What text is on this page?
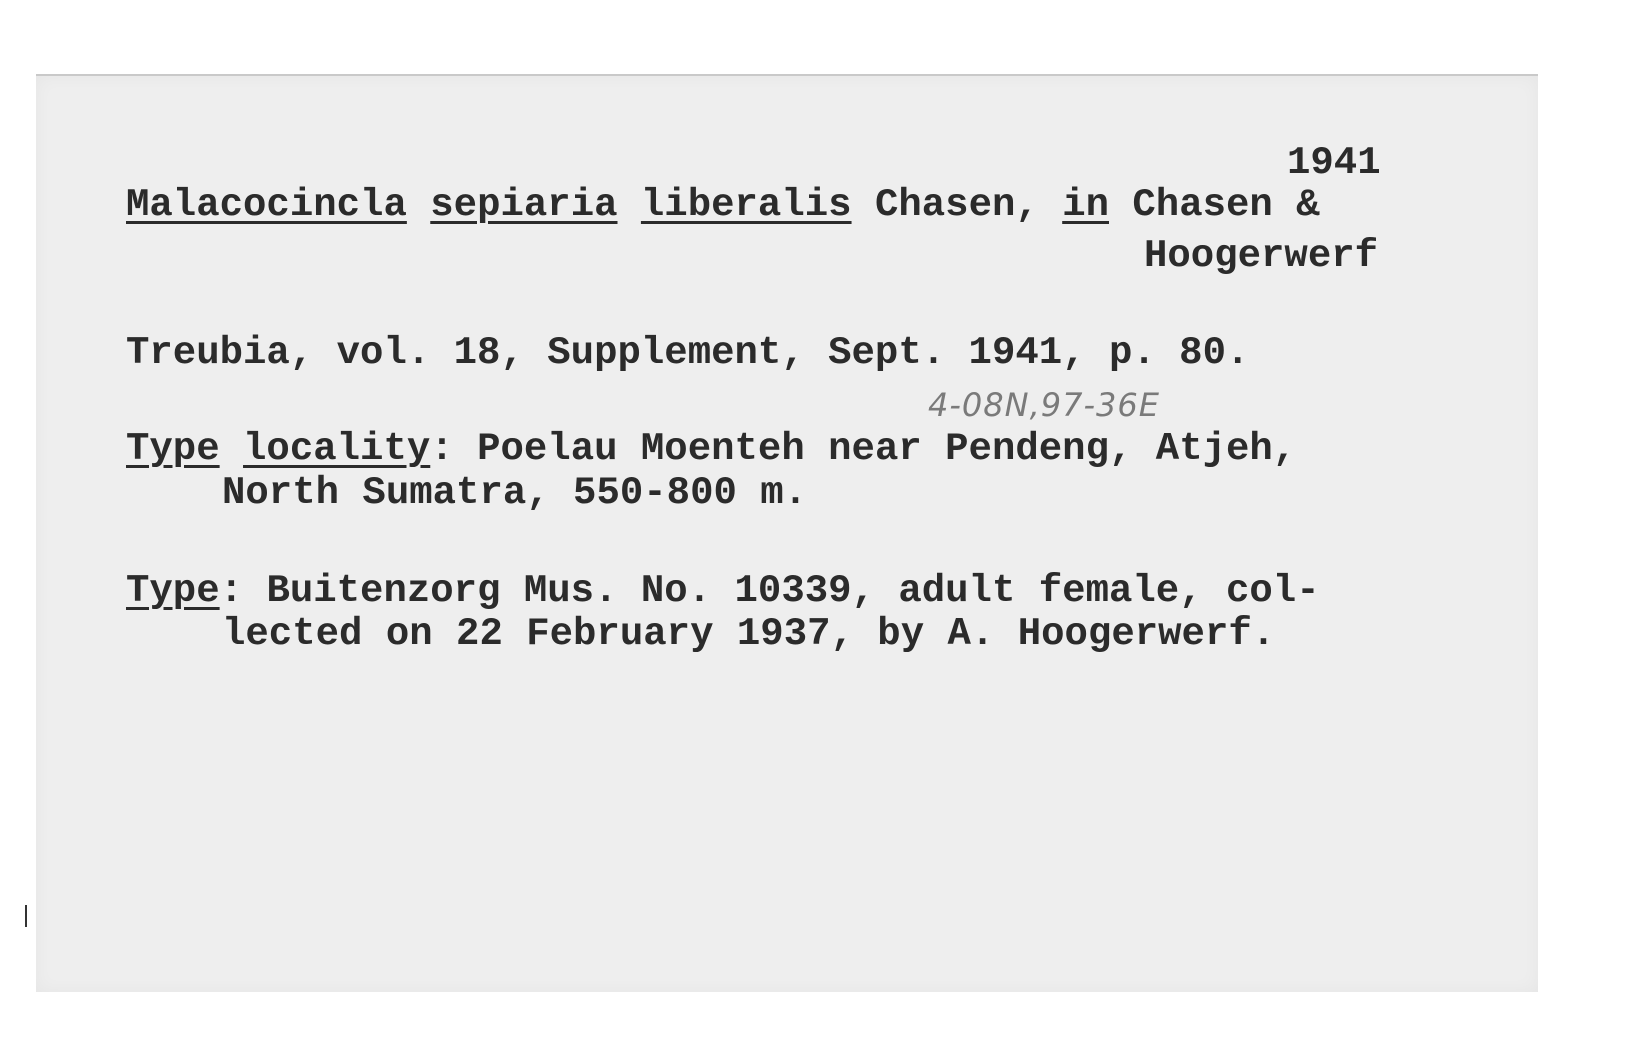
1941
Malacocincla sepiaria liberalis Chasen, in Chasen &
Hoogerwerf
Treubia, vol. 18, Supplement, Sept. 1941, p. 80.
4-08N,97-36E
Type locality: Poelau Moenteh near Pendeng, Atjeh,
North Sumatra, 550-800 m.
Type: Buitenzorg Mus. No. 10339, adult female, col-
lected on 22 February 1937, by A. Hoogerwerf.
